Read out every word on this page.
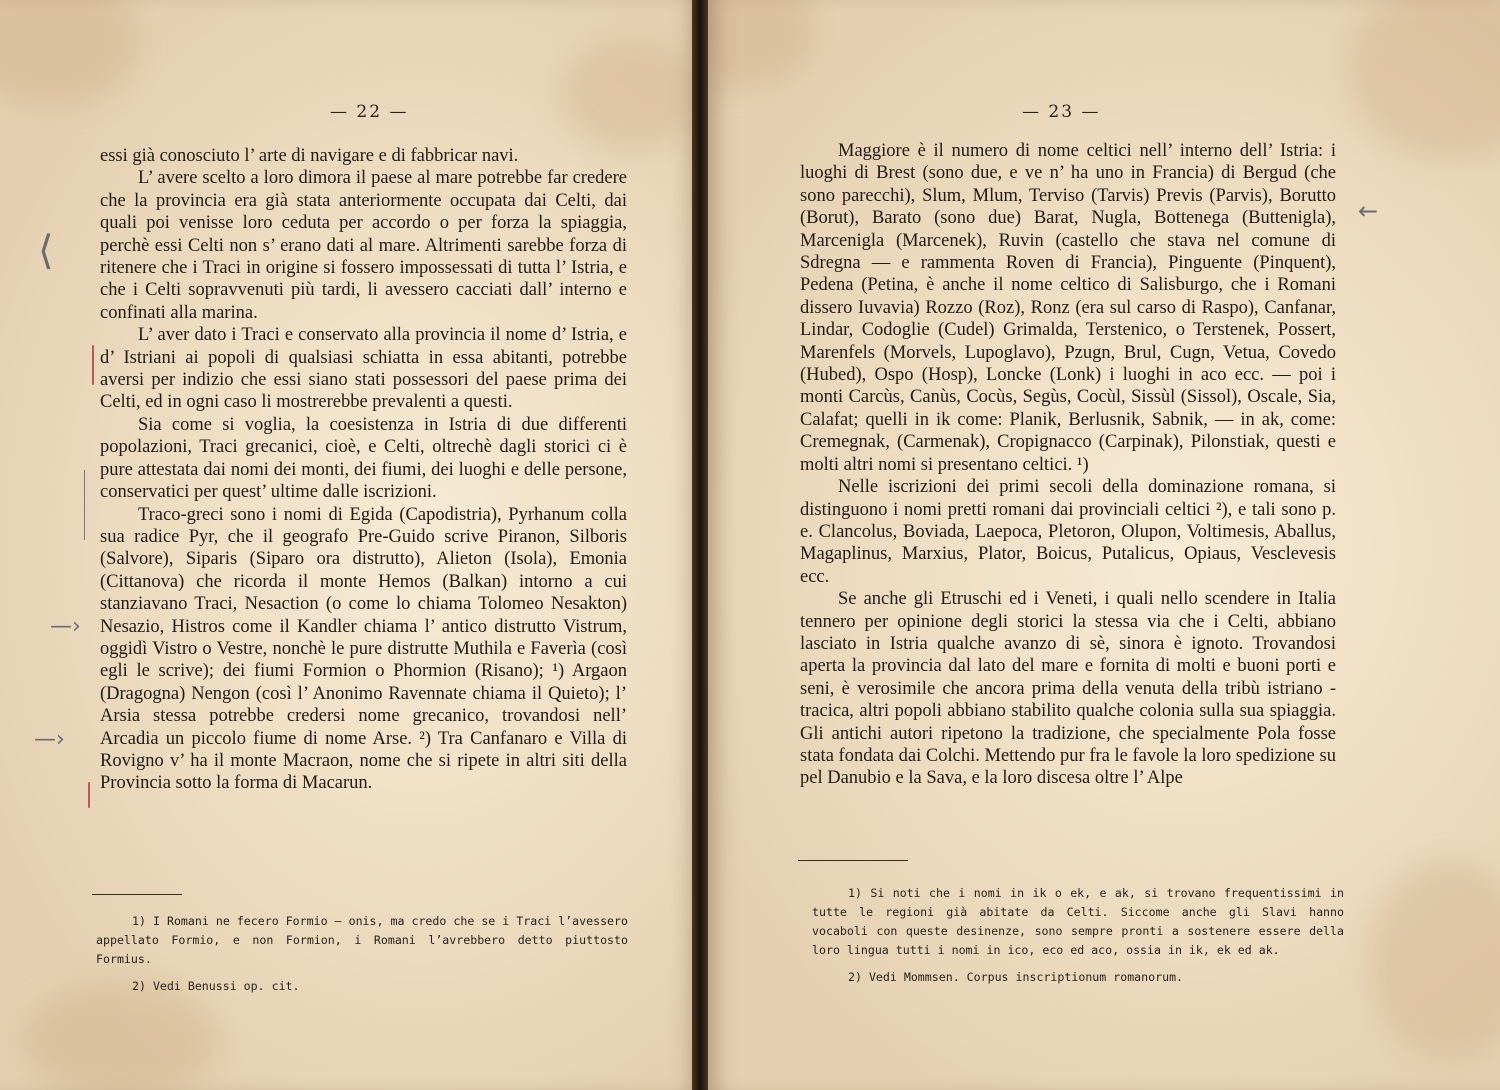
— 22 —

essi già conosciuto l’ arte di navigare e di fabbricar navi.

L’ avere scelto a loro dimora il paese al mare potrebbe far credere che la provincia era già stata anteriormente occupata dai Celti, dai quali poi venisse loro ceduta per accordo o per forza la spiaggia, perchè essi Celti non s’ erano dati al mare. Altrimenti sarebbe forza di ritenere che i Traci in origine si fossero impossessati di tutta l’ Istria, e che i Celti sopravvenuti più tardi, li avessero cacciati dall’ interno e confinati alla marina.

L’ aver dato i Traci e conservato alla provincia il nome d’ Istria, e d’ Istriani ai popoli di qualsiasi schiatta in essa abitanti, potrebbe aversi per indizio che essi siano stati possessori del paese prima dei Celti, ed in ogni caso li mostrerebbe prevalenti a questi.

Sia come si voglia, la coesistenza in Istria di due differenti popolazioni, Traci grecanici, cioè, e Celti, oltrechè dagli storici ci è pure attestata dai nomi dei monti, dei fiumi, dei luoghi e delle persone, conservatici per quest’ ultime dalle iscrizioni.

Traco-greci sono i nomi di Egida (Capodistria), Pyrhanum colla sua radice Pyr, che il geografo Pre-Guido scrive Piranon, Silboris (Salvore), Siparis (Siparo ora distrutto), Alieton (Isola), Emonia (Cittanova) che ricorda il monte Hemos (Balkan) intorno a cui stanziavano Traci, Nesaction (o come lo chiama Tolomeo Nesakton) Nesazio, Histros come il Kandler chiama l’ antico distrutto Vistrum, oggidì Vistro o Vestre, nonchè le pure distrutte Muthila e Faverìa (così egli le scrive); dei fiumi Formion o Phormion (Risano); ¹) Argaon (Dragogna) Nengon (così l’ Anonimo Ravennate chiama il Quieto); l’ Arsia stessa potrebbe credersi nome grecanico, trovandosi nell’ Arcadia un piccolo fiume di nome Arse. ²) Tra Canfanaro e Villa di Rovigno v’ ha il monte Macraon, nome che si ripete in altri siti della Provincia sotto la forma di Macarun.

1) I Romani ne fecero Formio — onis, ma credo che se i Traci l’avessero appellato Formio, e non Formion, i Romani l’avrebbero detto piuttosto Formius.

2) Vedi Benussi op. cit.

⟨
—›
—›
— 23 —

Maggiore è il numero di nome celtici nell’ interno dell’ Istria: i luoghi di Brest (sono due, e ve n’ ha uno in Francia) di Bergud (che sono parecchi), Slum, Mlum, Terviso (Tarvis) Previs (Parvis), Borutto (Borut), Barato (sono due) Barat, Nugla, Bottenega (Buttenigla), Marcenigla (Marcenek), Ruvin (castello che stava nel comune di Sdregna — e rammenta Roven di Francia), Pinguente (Pinquent), Pedena (Petina, è anche il nome celtico di Salisburgo, che i Romani dissero Iuvavia) Rozzo (Roz), Ronz (era sul carso di Raspo), Canfanar, Lindar, Codoglie (Cudel) Grimalda, Terstenico, o Terstenek, Possert, Marenfels (Morvels, Lupoglavo), Pzugn, Brul, Cugn, Vetua, Covedo (Hubed), Ospo (Hosp), Loncke (Lonk) i luoghi in aco ecc. — poi i monti Carcùs, Canùs, Cocùs, Segùs, Cocùl, Sissùl (Sissol), Oscale, Sia, Calafat; quelli in ik come: Planik, Berlusnik, Sabnik, — in ak, come: Cremegnak, (Carmenak), Cropignacco (Carpinak), Pilonstiak, questi e molti altri nomi si presentano celtici. ¹)

Nelle iscrizioni dei primi secoli della dominazione romana, si distinguono i nomi pretti romani dai provinciali celtici ²), e tali sono p. e. Clancolus, Boviada, Laepoca, Pletoron, Olupon, Voltimesis, Aballus, Magaplinus, Marxius, Plator, Boicus, Putalicus, Opiaus, Vesclevesis ecc.

Se anche gli Etruschi ed i Veneti, i quali nello scendere in Italia tennero per opinione degli storici la stessa via che i Celti, abbiano lasciato in Istria qualche avanzo di sè, sinora è ignoto. Trovandosi aperta la provincia dal lato del mare e fornita di molti e buoni porti e seni, è verosimile che ancora prima della venuta della tribù istriano - tracica, altri popoli abbiano stabilito qualche colonia sulla sua spiaggia. Gli antichi autori ripetono la tradizione, che specialmente Pola fosse stata fondata dai Colchi. Mettendo pur fra le favole la loro spedizione su pel Danubio e la Sava, e la loro discesa oltre l’ Alpe

1) Si noti che i nomi in ik o ek, e ak, si trovano frequentissimi in tutte le regioni già abitate da Celti. Siccome anche gli Slavi hanno vocaboli con queste desinenze, sono sempre pronti a sostenere essere della loro lingua tutti i nomi in ico, eco ed aco, ossia in ik, ek ed ak.

2) Vedi Mommsen. Corpus inscriptionum romanorum.

←
